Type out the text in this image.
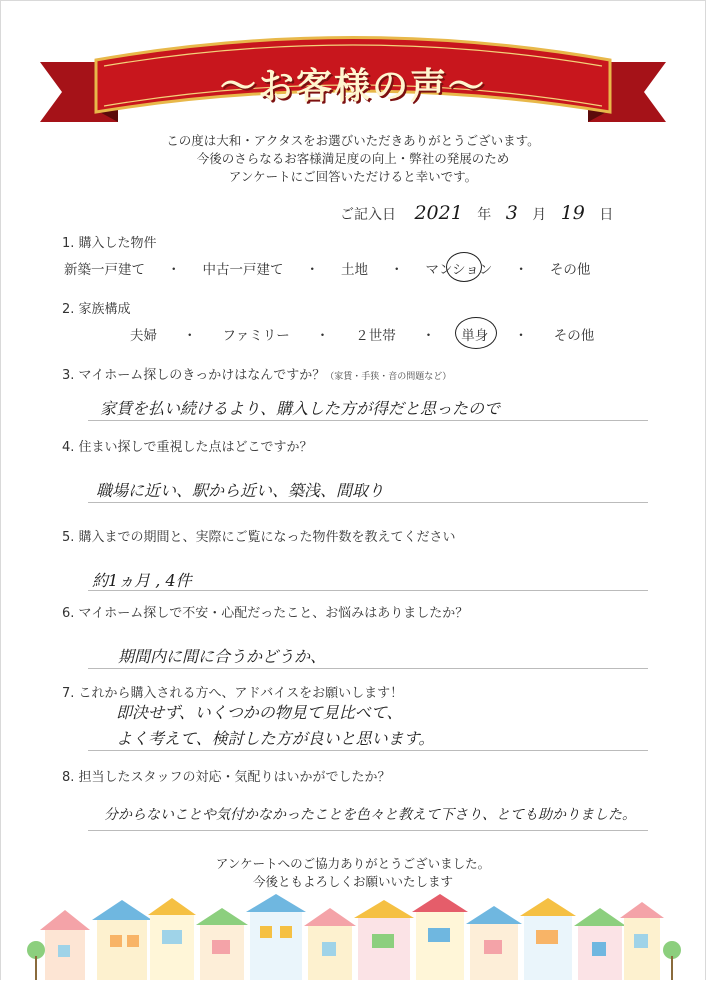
〜お客様の声〜
この度は大和・アクタスをお選びいただきありがとうございます。
今後のさらなるお客様満足度の向上・弊社の発展のため
アンケートにご回答いただけると幸いです。
ご記入日 2021 年 3 月 19 日
1. 購入した物件
新築一戸建て ・ 中古一戸建て ・ 土地 ・ マンション ・ その他
2. 家族構成
夫婦 ・ ファミリー ・ ２世帯 ・ 単身 ・ その他
3. マイホーム探しのきっかけはなんですか？（家賃・手狭・音の問題など）
家賃を払い続けるより、購入した方が得だと思ったので
4. 住まい探しで重視した点はどこですか？
職場に近い、駅から近い、築浅、間取り
5. 購入までの期間と、実際にご覧になった物件数を教えてください
約1ヵ月 , 4件
6. マイホーム探しで不安・心配だったこと、お悩みはありましたか？
期間内に間に合うかどうか、
7. これから購入される方へ、アドバイスをお願いします！
即決せず、いくつかの物見て見比べて、
よく考えて、検討した方が良いと思います。
8. 担当したスタッフの対応・気配りはいかがでしたか？
分からないことや気付かなかったことを色々と教えて下さり、とても助かりました。
アンケートへのご協力ありがとうございました。
今後ともよろしくお願いいたします
